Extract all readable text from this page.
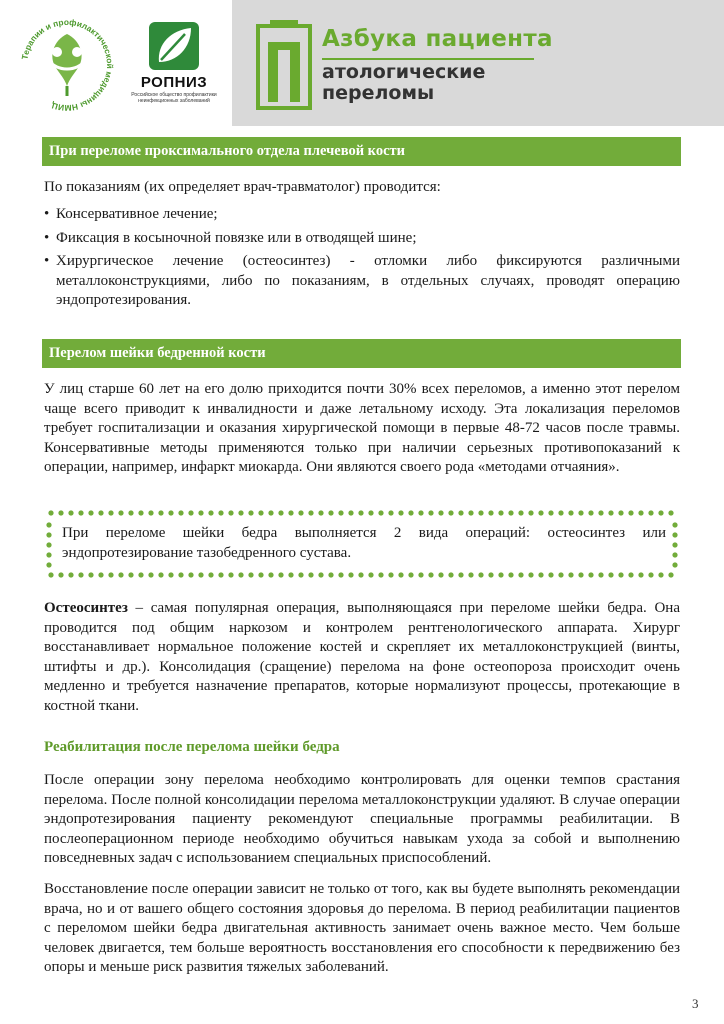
Терапии и профилактической медицины НМИЦ
РОПНИЗ
Российское общество профилактики неинфекционных заболеваний
П
Азбука пациента
атологические
переломы
При переломе проксимального отдела плечевой кости

По показаниям (их определяет врач-травматолог) проводится:

• Консервативное лечение;
• Фиксация в косыночной повязке или в отводящей шине;
• Хирургическое лечение (остеосинтез) - отломки либо фиксируются различными металлоконструкциями, либо по показаниям, в отдельных случаях, проводят операцию эндопротезирования.
Перелом шейки бедренной кости

У лиц старше 60 лет на его долю приходится почти 30% всех переломов, а именно этот перелом чаще всего приводит к инвалидности и даже летальному исходу. Эта локализация переломов требует госпитализации и оказания хирургической помощи в первые 48-72 часов после травмы. Консервативные методы применяются только при наличии серьезных противопоказаний к операции, например, инфаркт миокарда. Они являются своего рода «методами отчаяния».

При переломе шейки бедра выполняется 2 вида операций: остеосинтез или эндопротезирование тазобедренного сустава.

Остеосинтез – самая популярная операция, выполняющаяся при переломе шейки бедра. Она проводится под общим наркозом и контролем рентгенологического аппарата. Хирург восстанавливает нормальное положение костей и скрепляет их металлоконструкцией (винты, штифты и др.). Консолидация (сращение) перелома на фоне остеопороза происходит очень медленно и требуется назначение препаратов, которые нормализуют процессы, протекающие в костной ткани.

Реабилитация после перелома шейки бедра

После операции зону перелома необходимо контролировать для оценки темпов срастания перелома. После полной консолидации перелома металлоконструкции удаляют. В случае операции эндопротезирования пациенту рекомендуют специальные программы реабилитации. В послеоперационном периоде необходимо обучиться навыкам ухода за собой и выполнению повседневных задач с использованием специальных приспособлений.

Восстановление после операции зависит не только от того, как вы будете выполнять рекомендации врача, но и от вашего общего состояния здоровья до перелома. В период реабилитации пациентов с переломом шейки бедра двигательная активность занимает очень важное место. Чем больше человек двигается, тем больше вероятность восстановления его способности к передвижению без опоры и меньше риск развития тяжелых заболеваний.

3
